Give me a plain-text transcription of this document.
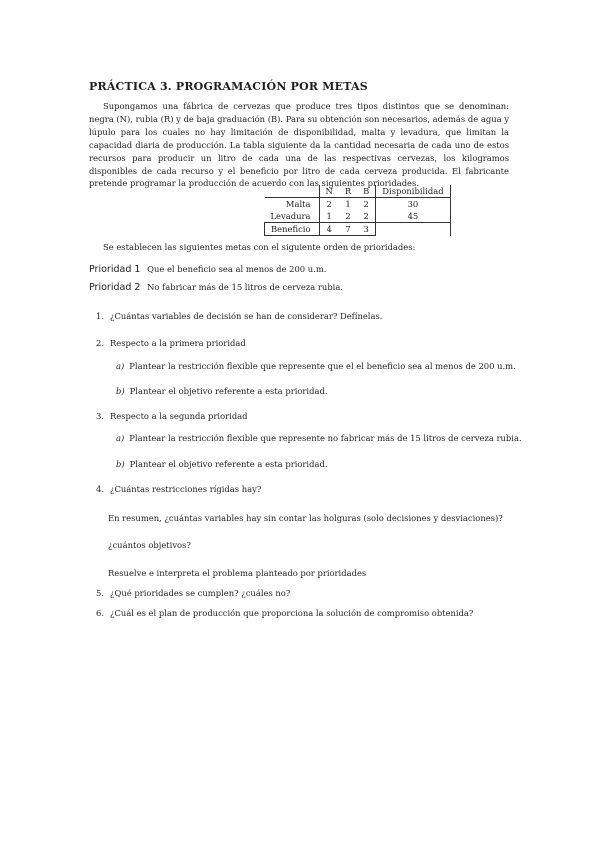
PRÁCTICA 3. PROGRAMACIÓN POR METAS

Supongamos una fábrica de cervezas que produce tres tipos distintos que se denominan: negra (N), rubia (R) y de baja graduación (B). Para su obtención son necesarios, además de agua y lúpulo para los cuales no hay limitación de disponibilidad, malta y levadura, que limitan la capacidad diaria de producción. La tabla siguiente da la cantidad necesaria de cada uno de estos recursos para producir un litro de cada una de las respectivas cervezas, los kilogramos disponibles de cada recurso y el beneficio por litro de cada cerveza producida. El fabricante pretende programar la producción de acuerdo con las siguientes prioridades.

	N	R	B	Disponibilidad
Malta	2	1	2	30
Levadura	1	2	2	45
Beneficio	4	7	3	
Se establecen las siguientes metas con el siguiente orden de prioridades:
Prioridad 1 Que el beneficio sea al menos de 200 u.m.
Prioridad 2 No fabricar más de 15 litros de cerveza rubia.
1. ¿Cuántas variables de decisión se han de considerar? Defínelas.
2. Respecto a la primera prioridad
a) Plantear la restricción flexible que represente que el el beneficio sea al menos de 200 u.m.
b) Plantear el objetivo referente a esta prioridad.
3. Respecto a la segunda prioridad
a) Plantear la restricción flexible que represente no fabricar más de 15 litros de cerveza rubia.
b) Plantear el objetivo referente a esta prioridad.
4. ¿Cuántas restricciones rígidas hay?
En resumen, ¿cuántas variables hay sin contar las holguras (solo decisiones y desviaciones)?
¿cuántos objetivos?
Resuelve e interpreta el problema planteado por prioridades
5. ¿Qué prioridades se cumplen? ¿cuáles no?
6. ¿Cuál es el plan de producción que proporciona la solución de compromiso obtenida?
